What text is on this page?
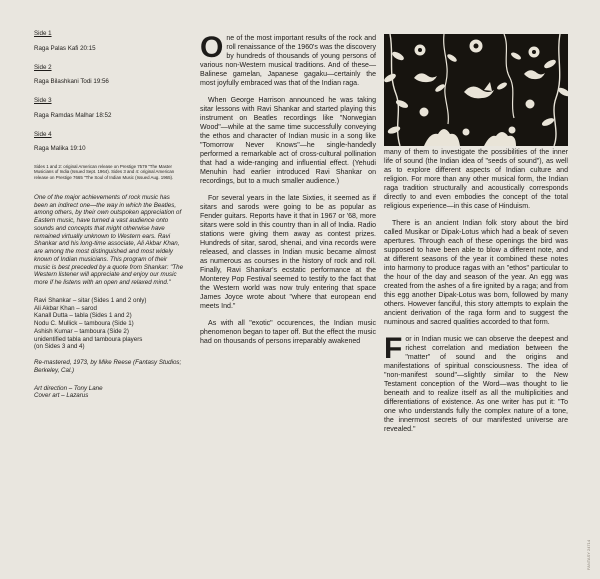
Side 1
Raga Palas Kafi 20:15
Side 2
Raga Bilashkani Todi 19:56
Side 3
Raga Ramdas Malhar 18:52
Side 4
Raga Malika 19:10
Sides 1 and 2: original American release on Prestige 7579 "The Master Musicians of India (Issued Sept. 1964). Sides 3 and 4: original American release on Prestige 7665 "The Soul of Indian Music (Issued Aug. 1965).
One of the major achievements of rock music has been an indirect one—the way in which the Beatles, among others, by their own outspoken appreciation of Eastern music, have turned a vast audience onto sounds and concepts that might otherwise have remained virtually unknown to Western ears. Ravi Shankar and his long-time associate, Ali Akbar Khan, are among the most distinguished and most widely known of Indian musicians. This program of their music is best preceded by a quote from Shankar: "The Western listener will appreciate and enjoy our music more if he listens with an open and relaxed mind."

Ravi Shankar – sitar (Sides 1 and 2 only)

Ali Akbar Khan – sarod

Kanall Dutta – tabla (Sides 1 and 2)

Nodu C. Mullick – tamboura (Side 1)

Ashish Kumar – tamboura (Side 2)

unidentified tabla and tamboura players

(on Sides 3 and 4)

Re-mastered, 1973, by Mike Reese (Fantasy Studios; Berkeley, Cal.)

Art direction – Tony Lane

Cover art – Lazarus

One of the most important results of the rock and roll renaissance of the 1960's was the discovery by hundreds of thousands of young persons of various non-Western musical traditions. And of these—Balinese gamelan, Japanese gagaku—certainly the most joyfully embraced was that of the Indian raga.

When George Harrison announced he was taking sitar lessons with Ravi Shankar and started playing this instrument on Beatles recordings like "Norwegian Wood"—while at the same time successfully conveying the ethos and character of Indian music in a song like "Tomorrow Never Knows"—he single-handedly performed a remarkable act of cross-cultural pollination that had a wide-ranging and influential effect. (Yehudi Menuhin had earlier introduced Ravi Shankar on recordings, but to a much smaller audience.)

For several years in the late Sixties, it seemed as if sitars and sarods were going to be as popular as Fender guitars. Reports have it that in 1967 or '68, more sitars were sold in this country than in all of India. Radio stations were giving them away as contest prizes. Hundreds of sitar, sarod, shenai, and vina records were released, and classes in Indian music became almost as numerous as courses in the history of rock and roll. Finally, Ravi Shankar's ecstatic performance at the Monterey Pop Festival seemed to testify to the fact that the Western world was now truly entering that space James Joyce wrote about "where that european end meets Ind."

As with all "exotic" occurences, the Indian music phenomenon began to taper off. But the effect the music had on thousands of persons irreparably awakened

many of them to investigate the possibilities of the inner life of sound (the Indian idea of "seeds of sound"), as well as to explore different aspects of Indian culture and religion. For more than any other musical form, the Indian raga tradition structurally and acoustically corresponds directly to and even embodies the concept of the total religious experience—in this case of Hinduism.

There is an ancient Indian folk story about the bird called Musikar or Dipak-Lotus which had a beak of seven apertures. Through each of these openings the bird was supposed to have been able to blow a different note, and at different seasons of the year it combined these notes into harmony to produce ragas with an "ethos" particular to the hour of the day and season of the year. An egg was created from the ashes of a fire ignited by a raga; and from this egg another Dipak-Lotus was born, followed by many others. However fanciful, this story attempts to explain the ancient derivation of the raga form and to suggest the numinous and sacred qualities accorded to that form.

For in Indian music we can observe the deepest and richest correlation and mediation between the "matter" of sound and the origins and manifestations of spiritual consciousness. The idea of "non-manifest sound"—slightly similar to the New Testament conception of the Word—was thought to lie beneath and to realize itself as all the multiplicities and differentiations of existence. As one writer has put it: "To one who understands fully the complex nature of a tone, the innermost secrets of our manifested universe are revealed."

FANTASY 24714
